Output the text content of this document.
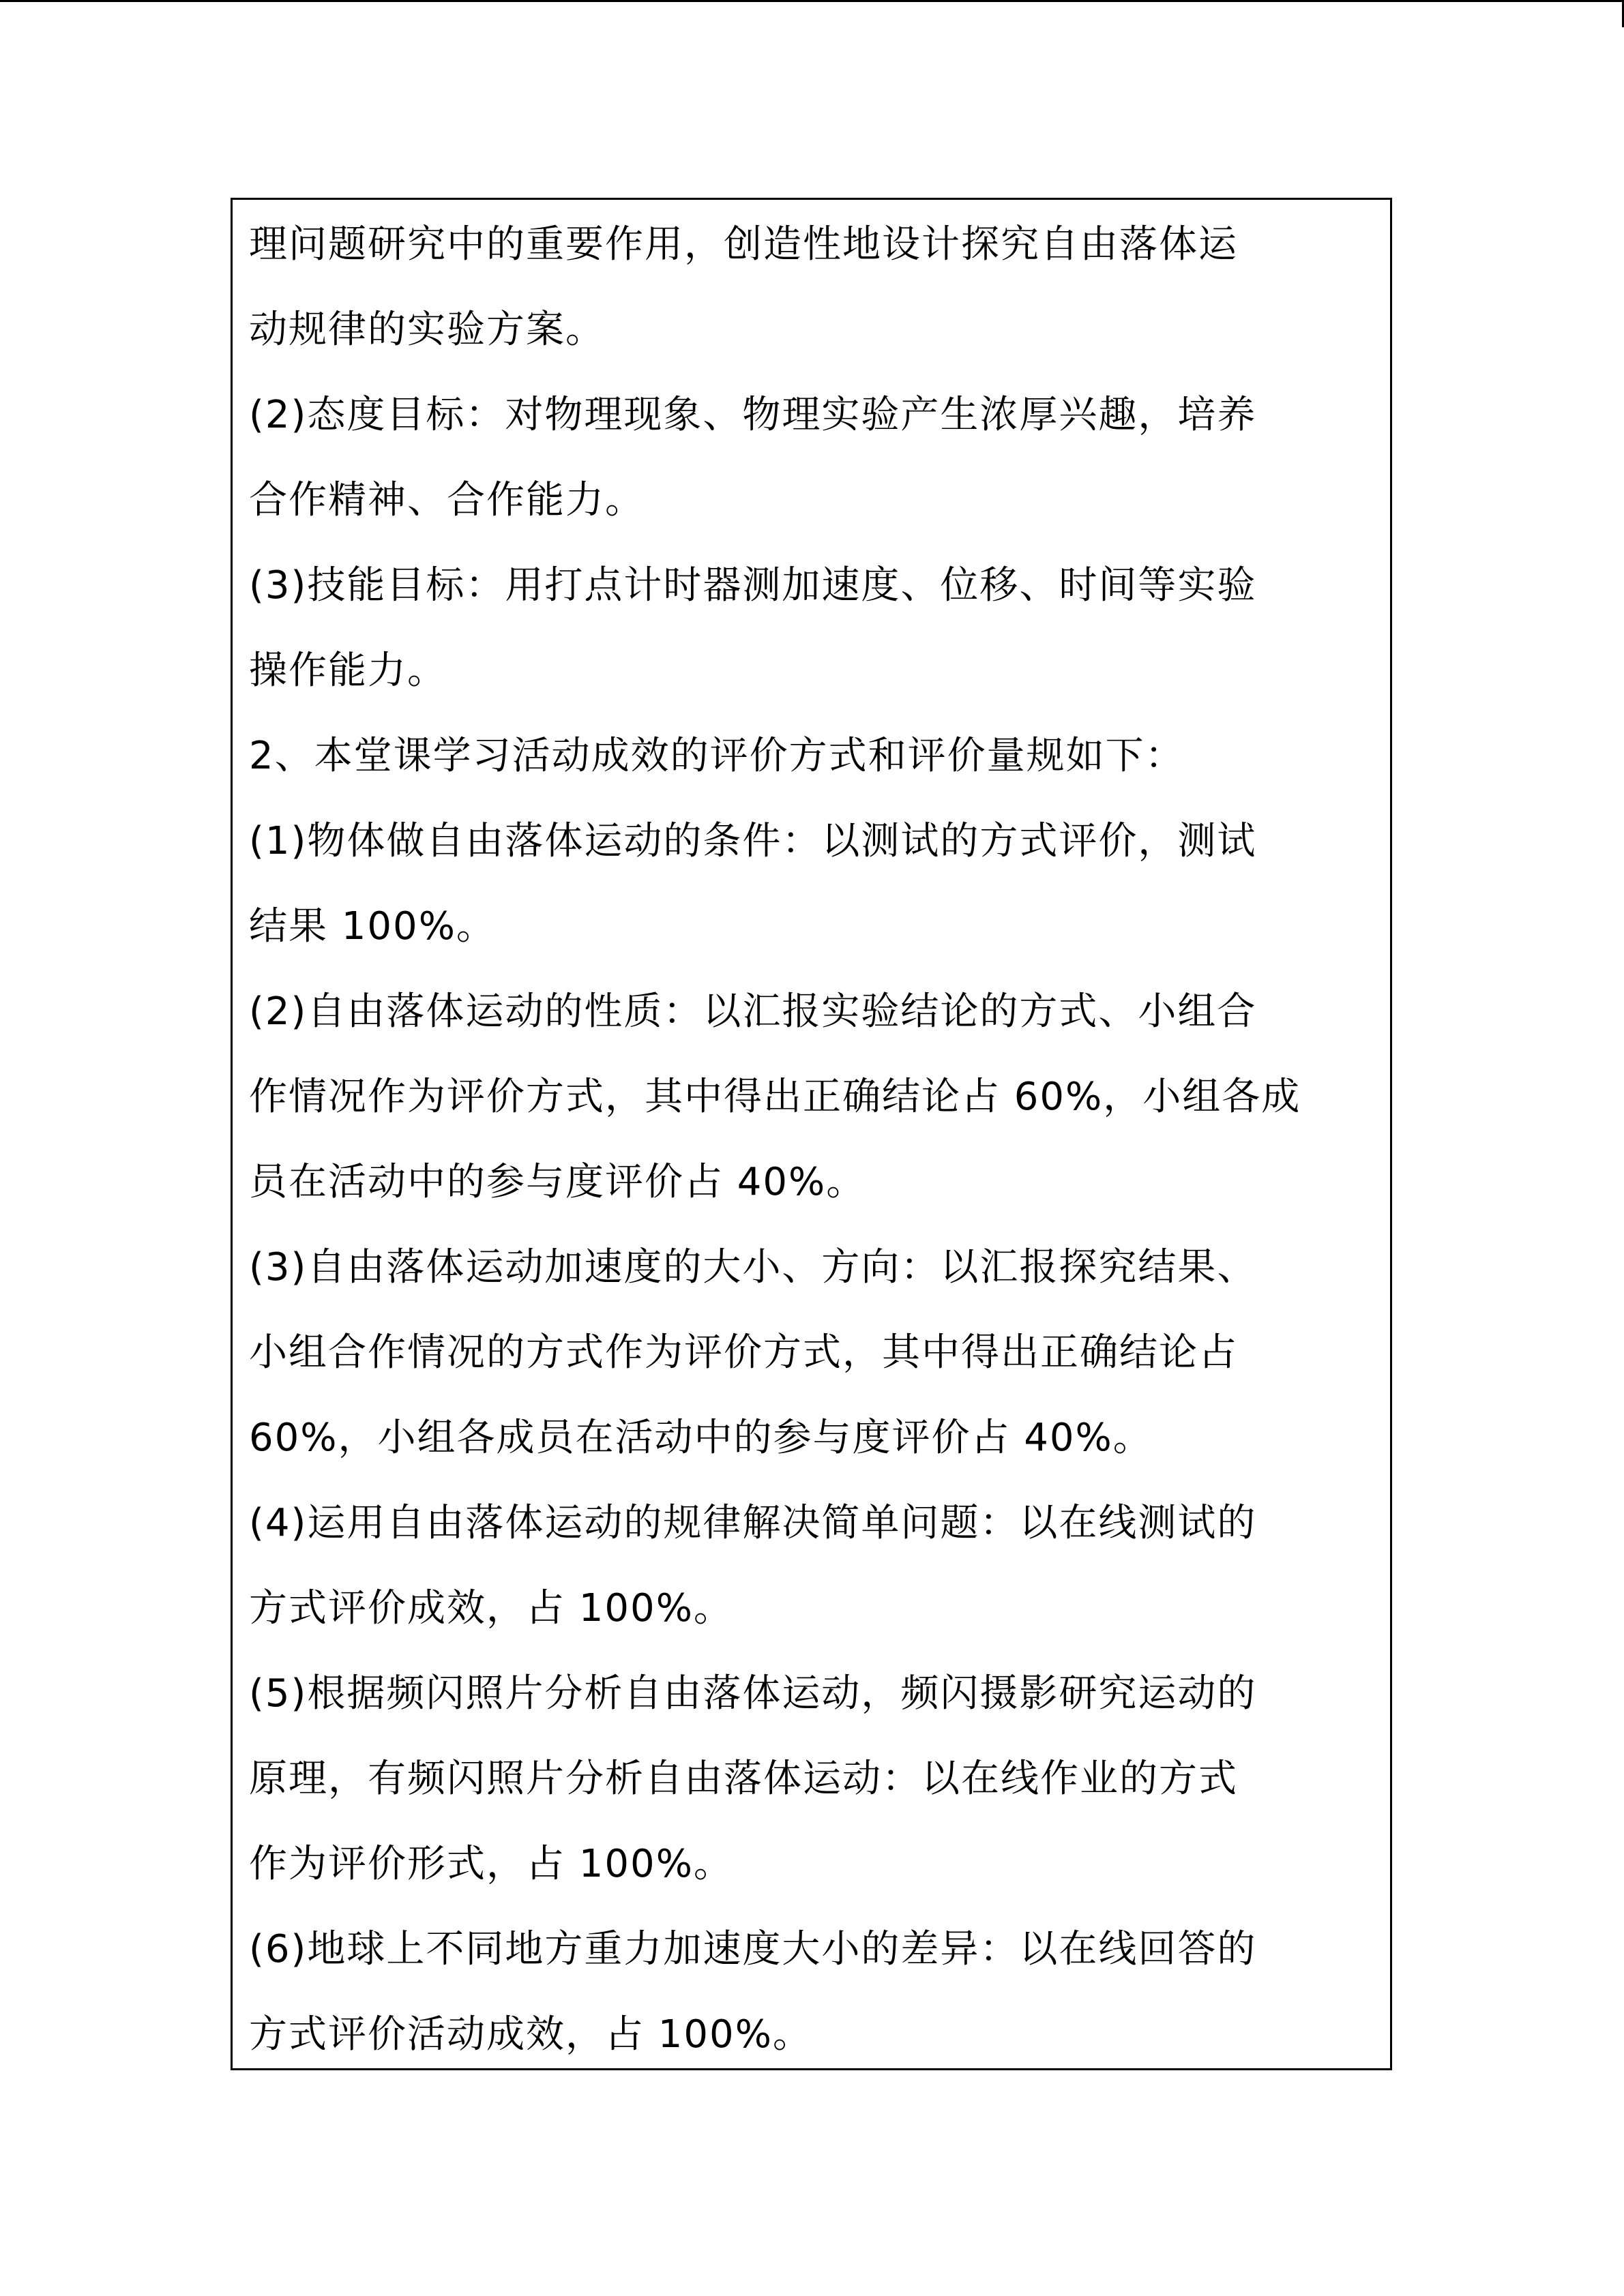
理问题研究中的重要作用，创造性地设计探究自由落体运
动规律的实验方案。
(2)态度目标：对物理现象、物理实验产生浓厚兴趣，培养
合作精神、合作能力。
(3)技能目标：用打点计时器测加速度、位移、时间等实验
操作能力。
2、本堂课学习活动成效的评价方式和评价量规如下：
(1)物体做自由落体运动的条件：以测试的方式评价，测试
结果 100%。
(2)自由落体运动的性质：以汇报实验结论的方式、小组合
作情况作为评价方式，其中得出正确结论占 60%，小组各成
员在活动中的参与度评价占 40%。
(3)自由落体运动加速度的大小、方向：以汇报探究结果、
小组合作情况的方式作为评价方式，其中得出正确结论占
60%，小组各成员在活动中的参与度评价占 40%。
(4)运用自由落体运动的规律解决简单问题：以在线测试的
方式评价成效，占 100%。
(5)根据频闪照片分析自由落体运动，频闪摄影研究运动的
原理，有频闪照片分析自由落体运动：以在线作业的方式
作为评价形式，占 100%。
(6)地球上不同地方重力加速度大小的差异：以在线回答的
方式评价活动成效，占 100%。
